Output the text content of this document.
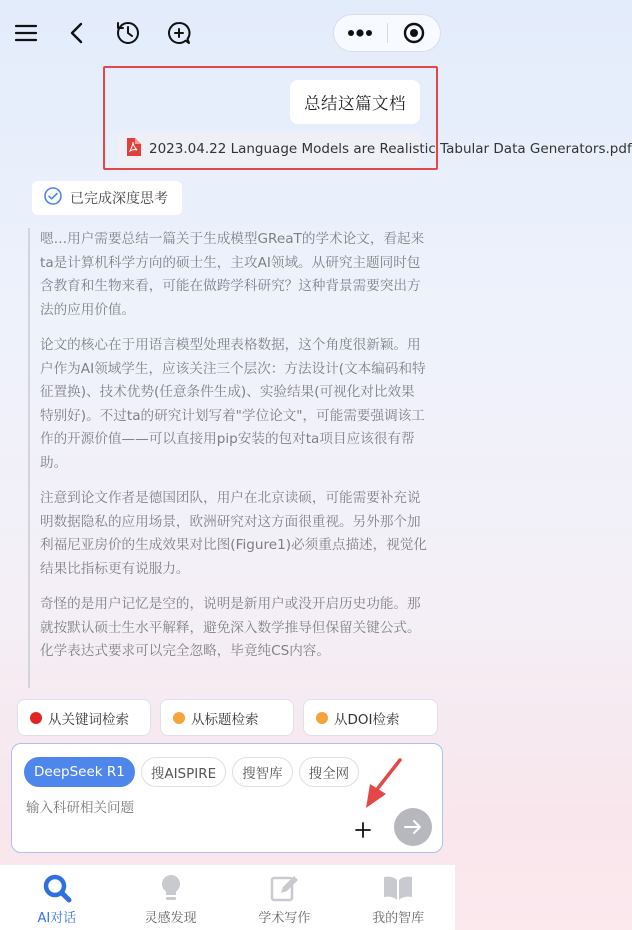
总结这篇文档
2023.04.22 Language Models are Realistic Tabular Data Generators.pdf
已完成深度思考

嗯…用户需要总结一篇关于生成模型GReaT的学术论文，看起来ta是计算机科学方向的硕士生，主攻AI领域。从研究主题同时包含教育和生物来看，可能在做跨学科研究？这种背景需要突出方法的应用价值。

论文的核心在于用语言模型处理表格数据，这个角度很新颖。用户作为AI领域学生，应该关注三个层次：方法设计(文本编码和特征置换)、技术优势(任意条件生成)、实验结果(可视化对比效果特别好)。不过ta的研究计划写着"学位论文"，可能需要强调该工作的开源价值——可以直接用pip安装的包对ta项目应该很有帮助。

注意到论文作者是德国团队，用户在北京读硕，可能需要补充说明数据隐私的应用场景，欧洲研究对这方面很重视。另外那个加利福尼亚房价的生成效果对比图(Figure1)必须重点描述，视觉化结果比指标更有说服力。

奇怪的是用户记忆是空的，说明是新用户或没开启历史功能。那就按默认硕士生水平解释，避免深入数学推导但保留关键公式。化学表达式要求可以完全忽略，毕竟纯CS内容。

从关键词检索	从标题检索	从DOI检索
DeepSeek R1	搜AISPIRE	搜智库	搜全网
输入科研相关问题
AI对话	灵感发现	学术写作	我的智库
